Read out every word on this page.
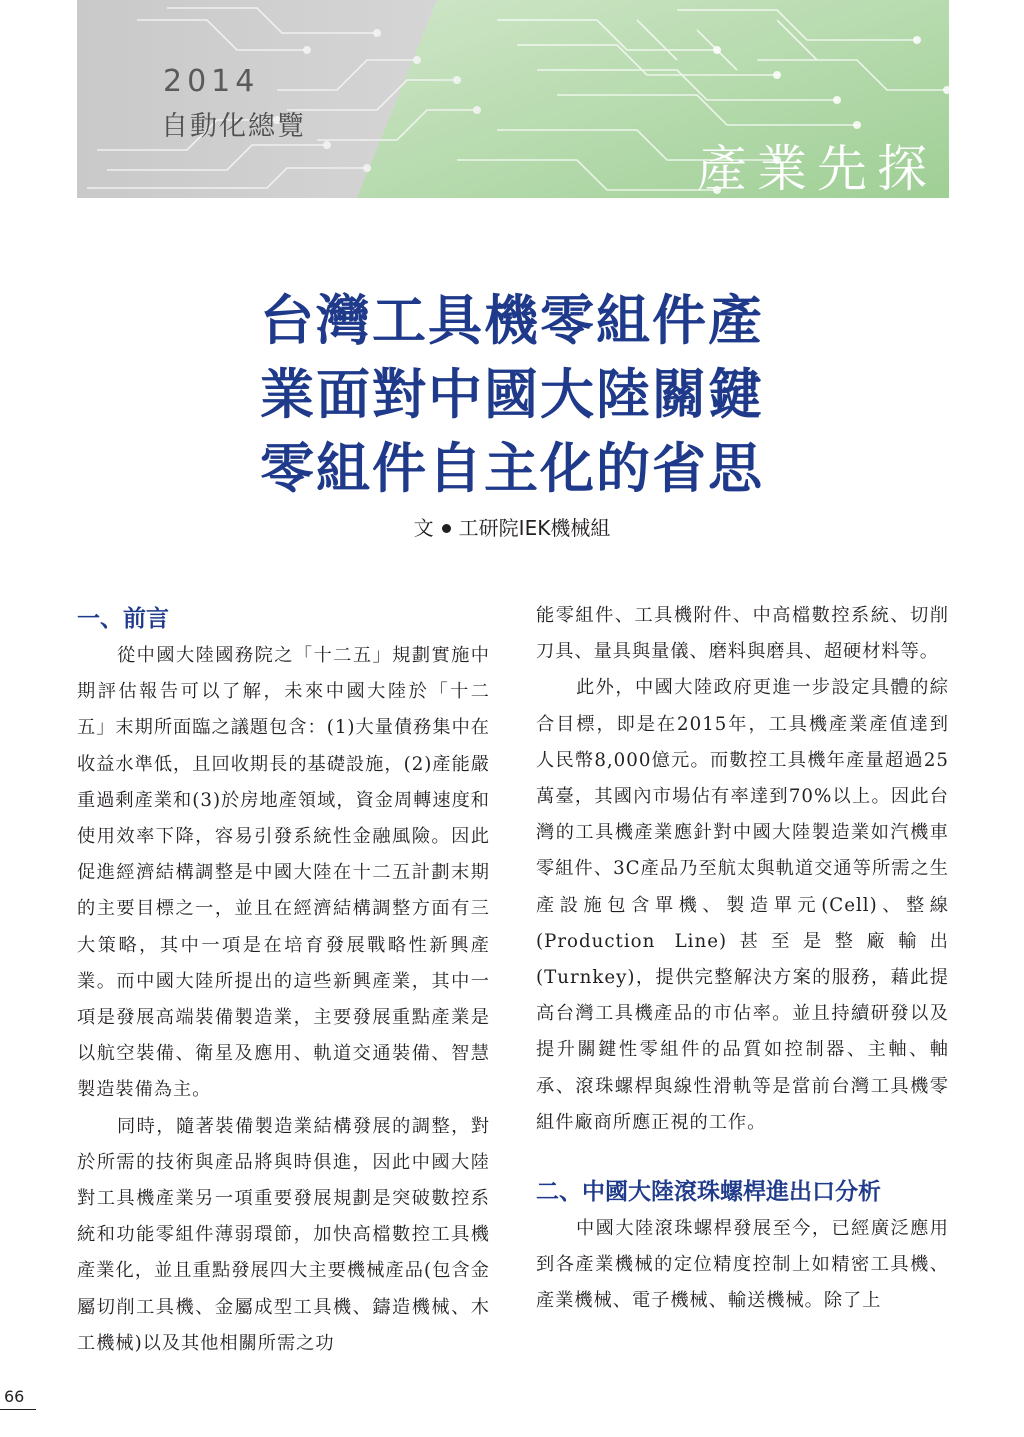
2014
自動化總覽
產業先探
台灣工具機零組件產
業面對中國大陸關鍵
零組件自主化的省思
文 工研院IEK機械組
一、前言

從中國大陸國務院之「十二五」規劃實施中期評估報告可以了解，未來中國大陸於「十二五」末期所面臨之議題包含：(1)大量債務集中在收益水準低，且回收期長的基礎設施，(2)產能嚴重過剩產業和(3)於房地產領域，資金周轉速度和使用效率下降，容易引發系統性金融風險。因此促進經濟結構調整是中國大陸在十二五計劃末期的主要目標之一，並且在經濟結構調整方面有三大策略，其中一項是在培育發展戰略性新興產業。而中國大陸所提出的這些新興產業，其中一項是發展高端裝備製造業，主要發展重點產業是以航空裝備、衛星及應用、軌道交通裝備、智慧製造裝備為主。

同時，隨著裝備製造業結構發展的調整，對於所需的技術與產品將與時俱進，因此中國大陸對工具機產業另一項重要發展規劃是突破數控系統和功能零組件薄弱環節，加快高檔數控工具機產業化，並且重點發展四大主要機械產品(包含金屬切削工具機、金屬成型工具機、鑄造機械、木工機械)以及其他相關所需之功

能零組件、工具機附件、中高檔數控系統、切削刀具、量具與量儀、磨料與磨具、超硬材料等。

此外，中國大陸政府更進一步設定具體的綜合目標，即是在2015年，工具機產業產值達到人民幣8,000億元。而數控工具機年產量超過25萬臺，其國內市場佔有率達到70%以上。因此台灣的工具機產業應針對中國大陸製造業如汽機車零組件、3C產品乃至航太與軌道交通等所需之生產設施包含單機、製造單元(Cell)、整線(Production Line)甚至是整廠輸出(Turnkey)，提供完整解決方案的服務，藉此提高台灣工具機產品的市佔率。並且持續研發以及提升關鍵性零組件的品質如控制器、主軸、軸承、滾珠螺桿與線性滑軌等是當前台灣工具機零組件廠商所應正視的工作。

二、中國大陸滾珠螺桿進出口分析

中國大陸滾珠螺桿發展至今，已經廣泛應用到各產業機械的定位精度控制上如精密工具機、產業機械、電子機械、輸送機械。除了上

66
